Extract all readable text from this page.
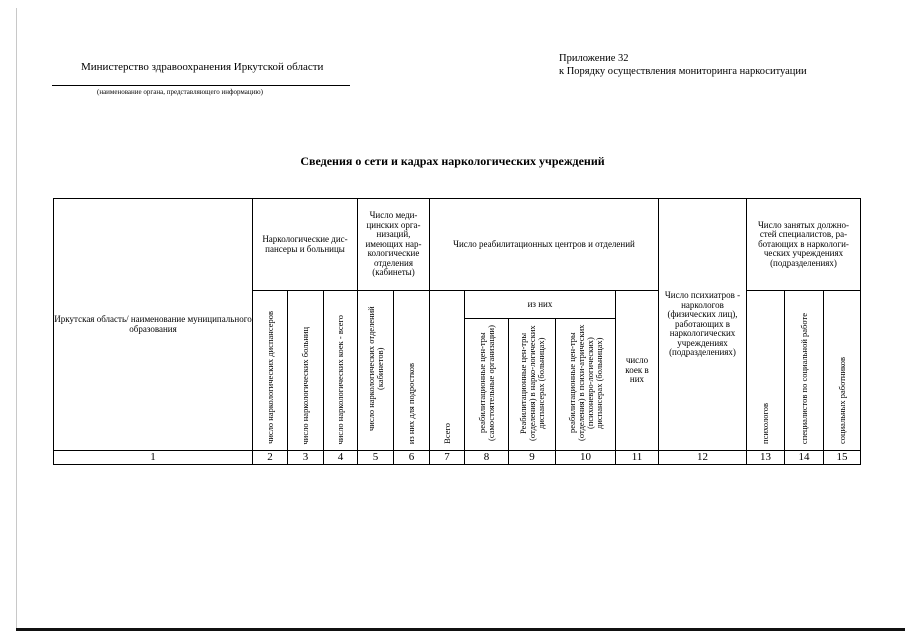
Министерство здравоохранения Иркутской области
(наименование органа, представляющего информацию)
Приложение 32
к Порядку осуществления мониторинга наркоситуации
Сведения о сети и кадрах наркологических учреждений
Иркутская область/ наименование муниципального образования	Наркологические дис-пансеры и больницы			Число меди-цинских орга-низаций, имеющих нар-кологические отделения (кабинеты)		Число реабилитационных центров и отделений					Число психиатров - наркологов (физических лиц), работающих в наркологических учреждениях (подразделениях)	Число занятых должно-стей специалистов, ра-ботающих в наркологи-ческих учреждениях (подразделениях)		

	число наркологических диспансеров	число наркологических больниц	число наркологических коек - всего	число наркологических отделений (кабинетов)	из них для подростков	Всего	из них			число коек в них		психологов	специалистов по социальной работе	социальных работников

							реабилитационные цен-тры (самостоятельные организации)	Реабилитационные цен-тры (отделения) в нарко-логических диспансерах (больницах)	реабилитационные цен-тры (отделения) в психи-атрических (психоневро-логических) диспансерах (больницах)					

1	2	3	4	5	6	7	8	9	10	11	12	13	14	15
